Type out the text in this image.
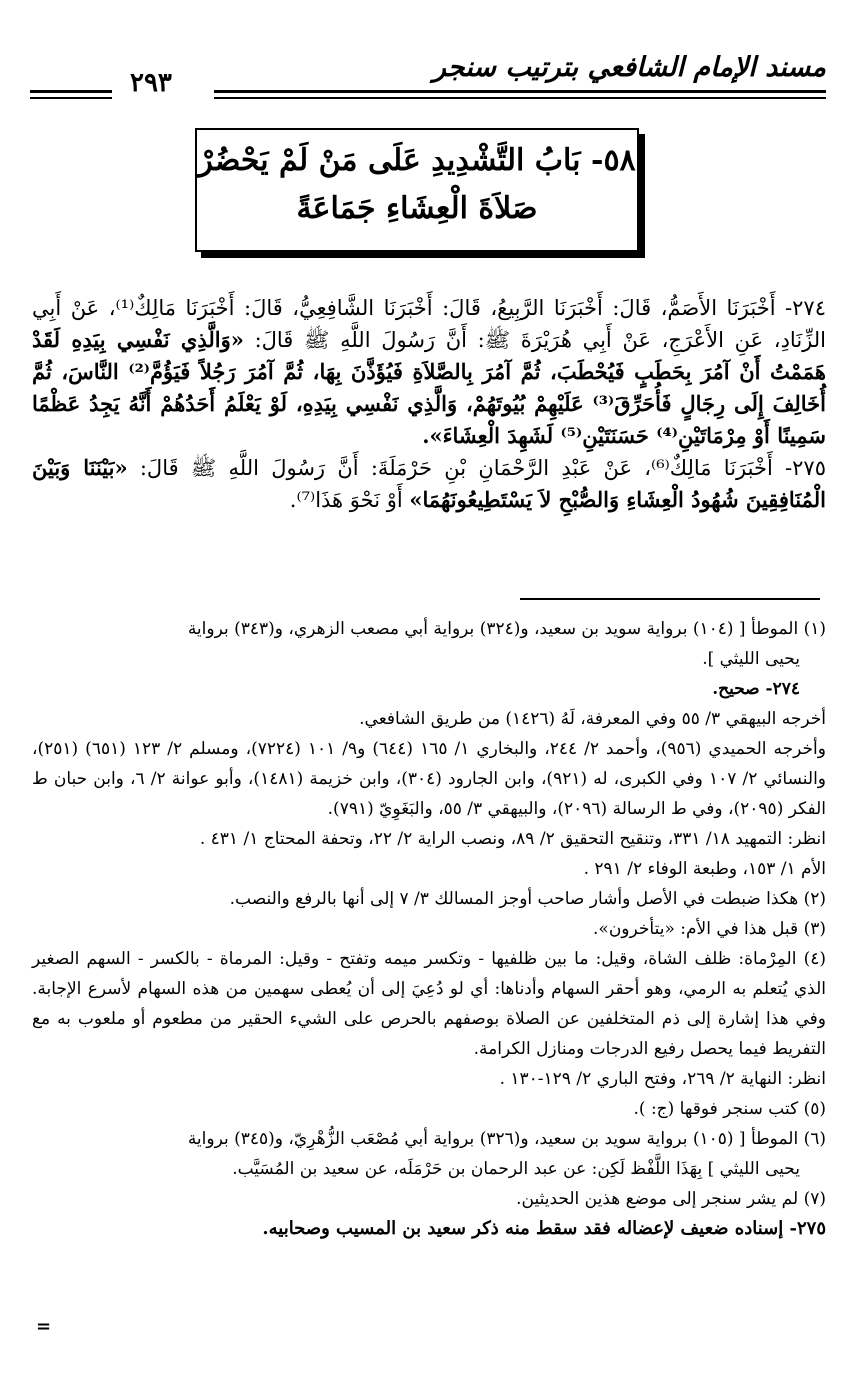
مسند الإمام الشافعي بترتيب سنجر
٢٩٣
٥٨- بَابُ التَّشْدِيدِ عَلَى مَنْ لَمْ يَحْضُرْ
صَلاَةَ الْعِشَاءِ جَمَاعَةً

٢٧٤- أَخْبَرَنَا الأَصَمُّ، قَالَ: أَخْبَرَنَا الرَّبِيعُ، قَالَ: أَخْبَرَنَا الشَّافِعِيُّ، قَالَ: أَخْبَرَنَا مَالِكٌ⁽¹⁾، عَنْ أَبِي الزِّنَادِ، عَنِ الأَعْرَجِ، عَنْ أَبِي هُرَيْرَةَ ﷺ: أَنَّ رَسُولَ اللَّهِ ﷺ قَالَ: «وَالَّذِي نَفْسِي بِيَدِهِ لَقَدْ هَمَمْتُ أَنْ آمُرَ بِحَطَبٍ فَيُحْطَبَ، ثُمَّ آمُرَ بِالصَّلاَةِ فَيُؤَذَّنَ بِهَا، ثُمَّ آمُرَ رَجُلاً فَيَؤُمَّ⁽²⁾ النَّاسَ، ثُمَّ أُخَالِفَ إِلَى رِجَالٍ فَأُحَرِّقَ⁽³⁾ عَلَيْهِمْ بُيُوتَهُمْ، وَالَّذِي نَفْسِي بِيَدِهِ، لَوْ يَعْلَمُ أَحَدُهُمْ أَنَّهُ يَجِدُ عَظْمًا سَمِينًا أَوْ مِرْمَاتَيْنِ⁽⁴⁾ حَسَنَتَيْنِ⁽⁵⁾ لَشَهِدَ الْعِشَاءَ».

٢٧٥- أَخْبَرَنَا مَالِكٌ⁽⁶⁾، عَنْ عَبْدِ الرَّحْمَانِ بْنِ حَرْمَلَةَ: أَنَّ رَسُولَ اللَّهِ ﷺ قَالَ: «بَيْنَنَا وَبَيْنَ الْمُنَافِقِينَ شُهُودُ الْعِشَاءِ وَالصُّبْحِ لاَ يَسْتَطِيعُونَهُمَا» أَوْ نَحْوَ هَذَا⁽⁷⁾.

(١) الموطأ [ (١٠٤) برواية سويد بن سعيد، و(٣٢٤) برواية أبي مصعب الزهري، و(٣٤٣) برواية

يحيى الليثي ].

٢٧٤- صحيح.

أخرجه البيهقي ٣/ ٥٥ وفي المعرفة، لَهُ (١٤٢٦) من طريق الشافعي.

وأخرجه الحميدي (٩٥٦)، وأحمد ٢/ ٢٤٤، والبخاري ١/ ١٦٥ (٦٤٤) و٩/ ١٠١ (٧٢٢٤)، ومسلم ٢/ ١٢٣ (٦٥١) (٢٥١)، والنسائي ٢/ ١٠٧ وفي الكبرى، له (٩٢١)، وابن الجارود (٣٠٤)، وابن خزيمة (١٤٨١)، وأبو عوانة ٢/ ٦، وابن حبان ط الفكر (٢٠٩٥)، وفي ط الرسالة (٢٠٩٦)، والبيهقي ٣/ ٥٥، والبَغَوِيّ (٧٩١).

انظر: التمهيد ١٨/ ٣٣١، وتنقيح التحقيق ٢/ ٨٩، ونصب الراية ٢/ ٢٢، وتحفة المحتاج ١/ ٤٣١ .

الأم ١/ ١٥٣، وطبعة الوفاء ٢/ ٢٩١ .

(٢) هكذا ضبطت في الأصل وأشار صاحب أوجز المسالك ٣/ ٧ إلى أنها بالرفع والنصب.

(٣) قبل هذا في الأم: «يتأخرون».

(٤) المِرْماة: ظلف الشاة، وقيل: ما بين ظلفيها - وتكسر ميمه وتفتح - وقيل: المرماة - بالكسر - السهم الصغير الذي يُتعلم به الرمي، وهو أحقر السهام وأدناها: أي لو دُعِيَ إلى أن يُعطى سهمين من هذه السهام لأسرع الإجابة. وفي هذا إشارة إلى ذم المتخلفين عن الصلاة بوصفهم بالحرص على الشيء الحقير من مطعوم أو ملعوب به مع التفريط فيما يحصل رفيع الدرجات ومنازل الكرامة.

انظر: النهاية ٢/ ٢٦٩، وفتح الباري ٢/ ١٢٩-١٣٠ .

(٥) كتب سنجر فوقها (ج: ).

(٦) الموطأ [ (١٠٥) برواية سويد بن سعيد، و(٣٢٦) برواية أبي مُصْعَب الزُّهْرِيّ، و(٣٤٥) برواية

يحيى الليثي ] بِهَذَا اللَّفْظ لَكِن: عن عبد الرحمان بن حَرْمَلَه، عن سعيد بن المُسَيَّب.

(٧) لم يشر سنجر إلى موضع هذين الحديثين.

٢٧٥- إسناده ضعيف لإعضاله فقد سقط منه ذكر سعيد بن المسيب وصحابيه.

=
